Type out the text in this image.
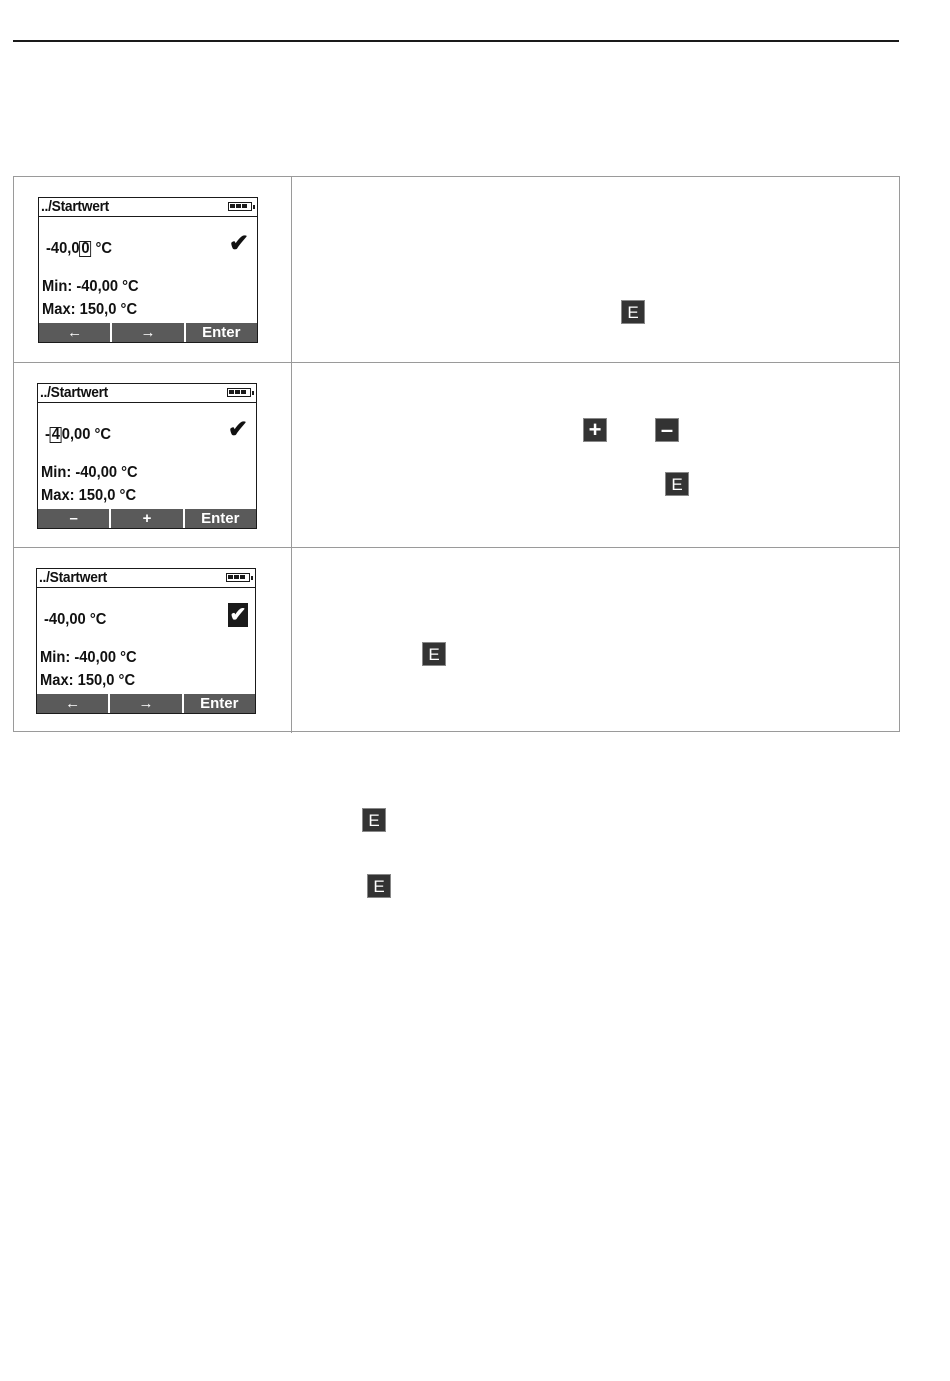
../Startwert
-40,0 0 °C	✔
Min: -40,00 °C
Max: 150,0 °C
←	→	Enter
E
../Startwert
- 4 0,00 °C	✔
Min: -40,00 °C
Max: 150,0 °C
–	+	Enter
+	–
E
../Startwert
-40,00 °C	✔
Min: -40,00 °C
Max: 150,0 °C
←	→	Enter
E
E
E
